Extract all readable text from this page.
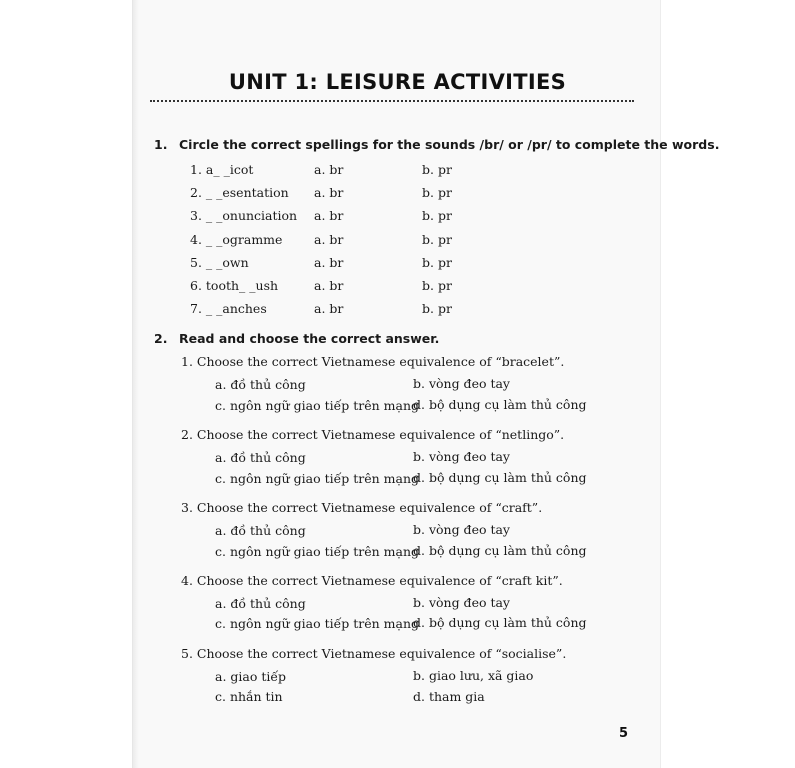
UNIT 1: LEISURE ACTIVITIES
1. Circle the correct spellings for the sounds /br/ or /pr/ to complete the words.
1. a_ _icot	a. br	b. pr
2. _ _esentation a. br	b. pr
3. _ _onunciation a. br	b. pr
4. _ _ogramme	a. br	b. pr
5. _ _own	a. br	b. pr
6. tooth_ _ush	a. br	b. pr
7. _ _anches	a. br	b. pr
2. Read and choose the correct answer.
1. Choose the correct Vietnamese equivalence of “bracelet”.
a. đồ thủ công	b. vòng đeo tay
c. ngôn ngữ giao tiếp trên mạng
d. bộ dụng cụ làm thủ công
2. Choose the correct Vietnamese equivalence of “netlingo”.
a. đồ thủ công	b. vòng đeo tay
c. ngôn ngữ giao tiếp trên mạng
d. bộ dụng cụ làm thủ công
3. Choose the correct Vietnamese equivalence of “craft”.
a. đồ thủ công	b. vòng đeo tay
c. ngôn ngữ giao tiếp trên mạng
d. bộ dụng cụ làm thủ công
4. Choose the correct Vietnamese equivalence of “craft kit”.
a. đồ thủ công	b. vòng đeo tay
c. ngôn ngữ giao tiếp trên mạng
d. bộ dụng cụ làm thủ công
5. Choose the correct Vietnamese equivalence of “socialise”.
a. giao tiếp	b. giao lưu, xã giao
c. nhắn tin	d. tham gia
5
